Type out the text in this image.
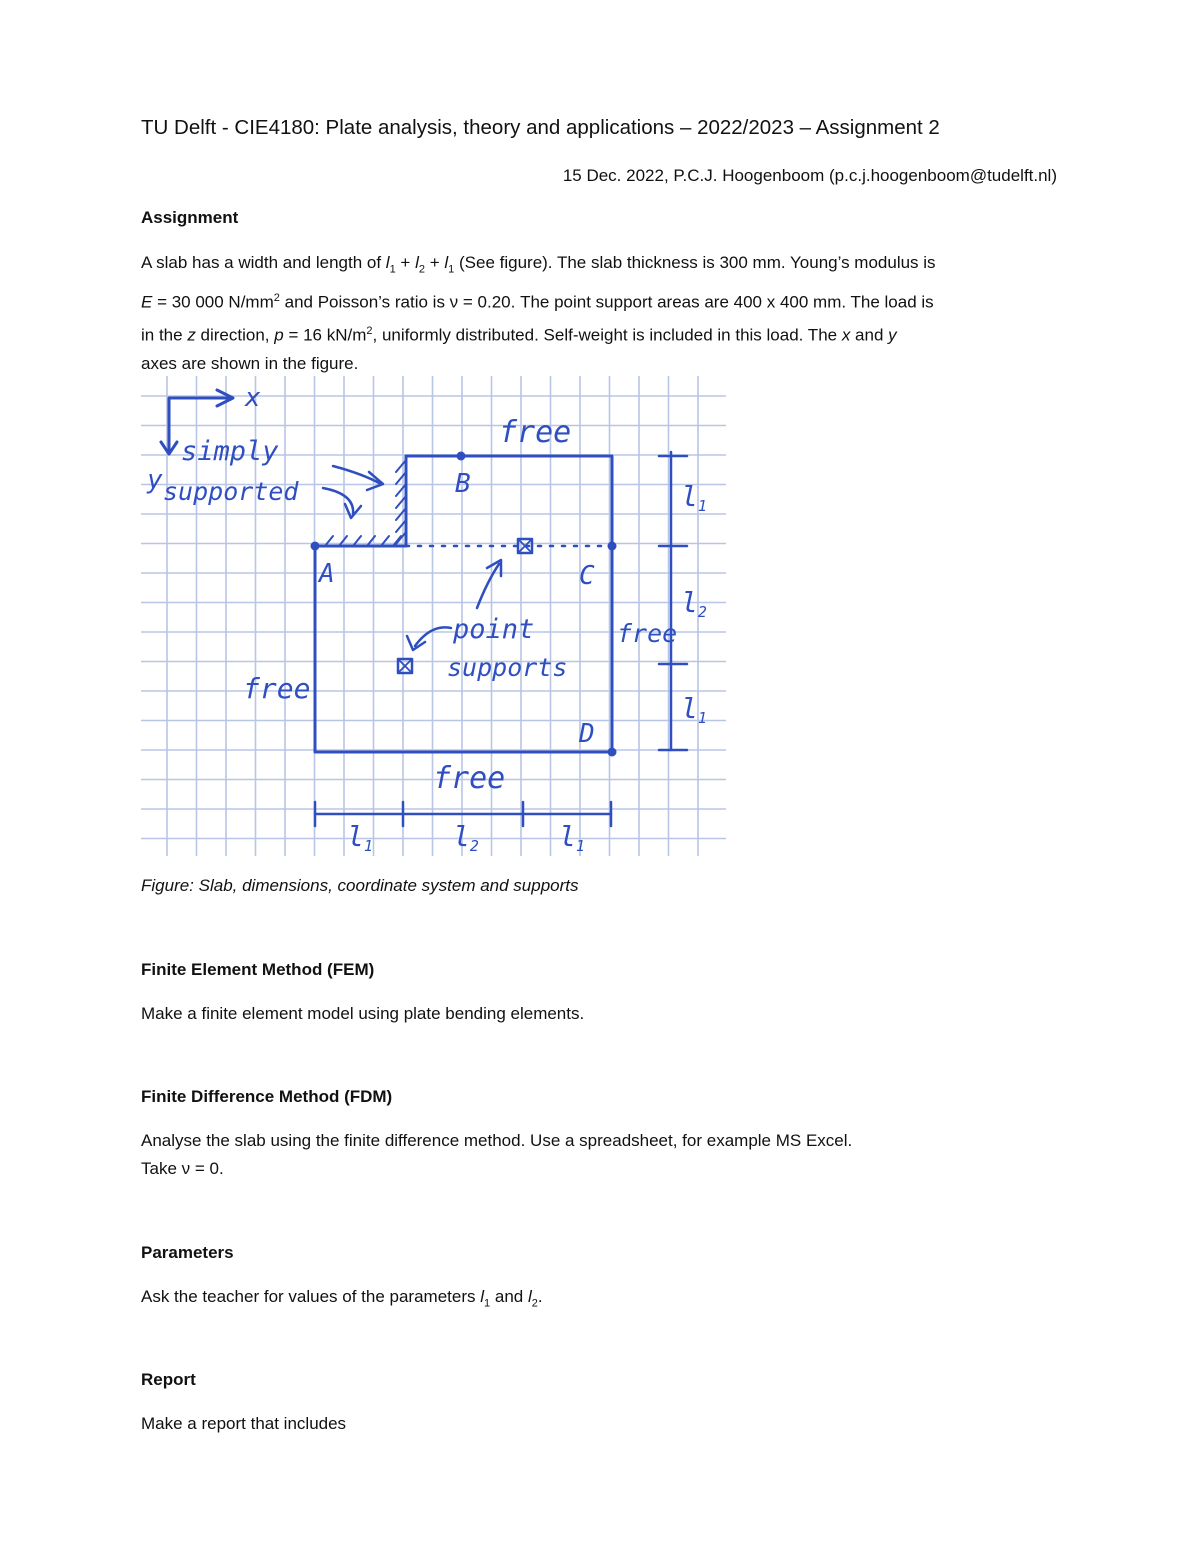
TU Delft - CIE4180: Plate analysis, theory and applications – 2022/2023 – Assignment 2
15 Dec. 2022, P.C.J. Hoogenboom (p.c.j.hoogenboom@tudelft.nl)
Assignment
A slab has a width and length of $l_1 + l_2 + l_1$ (See figure). The slab thickness is 300 mm. Young’s modulus is
E = 30 000 $N/mm^2$ and Poisson’s ratio is ν = 0.20. The point support areas are 400 x 400 mm. The load is
in the z direction, p = 16 $kN/m^2$, uniformly distributed. Self-weight is included in this load. The x and y
axes are shown in the figure.
x
y
simply
supported
point
supports
free
free
free
free
A
B
C
D
l1
l2
l1
l1	l2	l1
Figure: Slab, dimensions, coordinate system and supports
Finite Element Method (FEM)
Make a finite element model using plate bending elements.
Finite Difference Method (FDM)
Analyse the slab using the finite difference method. Use a spreadsheet, for example MS Excel.
Take ν = 0.
Parameters
Ask the teacher for values of the parameters $l_1$ and $l_2$.
Report
Make a report that includes
